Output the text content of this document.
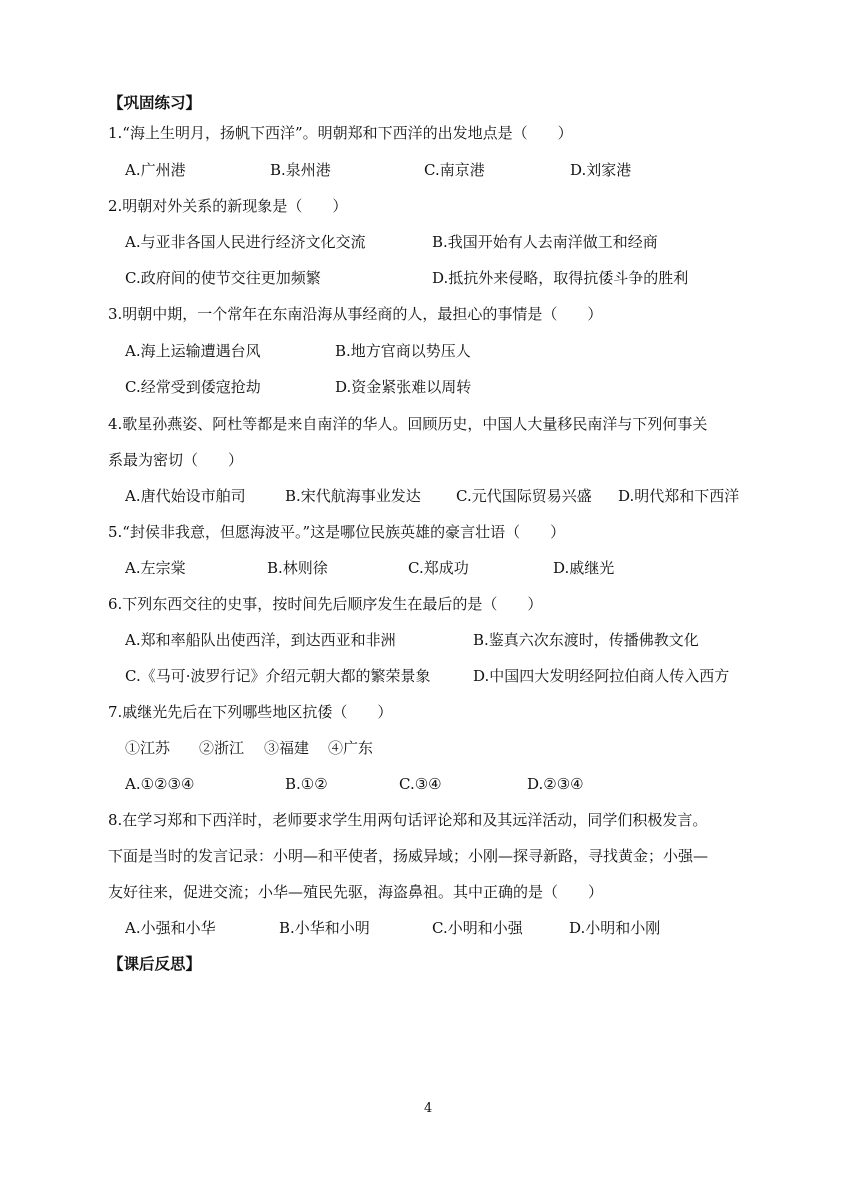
【巩固练习】
1.“海上生明月，扬帆下西洋”。明朝郑和下西洋的出发地点是（　　）
A.广州港	B.泉州港	C.南京港	D.刘家港
2.明朝对外关系的新现象是（　　）
A.与亚非各国人民进行经济文化交流	B.我国开始有人去南洋做工和经商
C.政府间的使节交往更加频繁	D.抵抗外来侵略，取得抗倭斗争的胜利
3.明朝中期，一个常年在东南沿海从事经商的人，最担心的事情是（　　）
A.海上运输遭遇台风	B.地方官商以势压人
C.经常受到倭寇抢劫	D.资金紧张难以周转
4.歌星孙燕姿、阿杜等都是来自南洋的华人。回顾历史，中国人大量移民南洋与下列何事关
系最为密切（　　）
A.唐代始设市舶司	B.宋代航海事业发达 C.元代国际贸易兴盛 D.明代郑和下西洋
5.“封侯非我意，但愿海波平。”这是哪位民族英雄的豪言壮语（　　）
A.左宗棠	B.林则徐	C.郑成功	D.戚继光
6.下列东西交往的史事，按时间先后顺序发生在最后的是（　　）
A.郑和率船队出使西洋，到达西亚和非洲	B.鉴真六次东渡时，传播佛教文化
C.《马可·波罗行记》介绍元朝大都的繁荣景象	D.中国四大发明经阿拉伯商人传入西方
7.戚继光先后在下列哪些地区抗倭（　　）
①江苏 ②浙江 ③福建 ④广东
A.①②③④	B.①②	C.③④	D.②③④
8.在学习郑和下西洋时，老师要求学生用两句话评论郑和及其远洋活动，同学们积极发言。
下面是当时的发言记录：小明—和平使者，扬威异域；小刚—探寻新路，寻找黄金；小强—
友好往来，促进交流；小华—殖民先驱，海盗鼻祖。其中正确的是（　　）
A.小强和小华	B.小华和小明	C.小明和小强	D.小明和小刚
【课后反思】
4
